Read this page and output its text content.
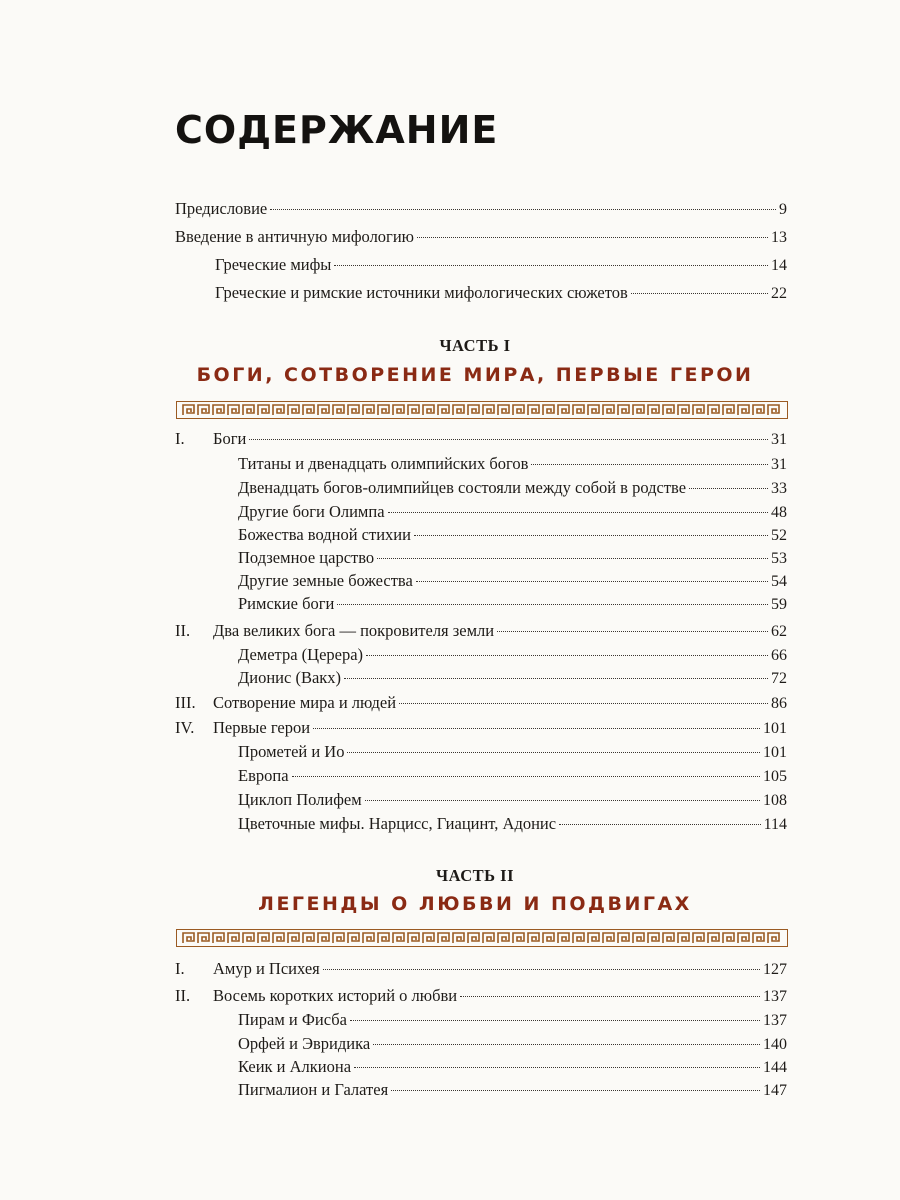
СОДЕРЖАНИЕ
Предисловие	9
Введение в античную мифологию	13
Греческие мифы	14
Греческие и римские источники мифологических сюжетов	22
ЧАСТЬ I
БОГИ, СОТВОРЕНИЕ МИРА, ПЕРВЫЕ ГЕРОИ
I.	Боги	31
Титаны и двенадцать олимпийских богов	31
Двенадцать богов-олимпийцев состояли между собой в родстве	33
Другие боги Олимпа	48
Божества водной стихии	52
Подземное царство	53
Другие земные божества	54
Римские боги	59
II.	Два великих бога — покровителя земли	62
Деметра (Церера)	66
Дионис (Вакх)	72
III.	Сотворение мира и людей	86
IV.	Первые герои	101
Прометей и Ио	101
Европа	105
Циклоп Полифем	108
Цветочные мифы. Нарцисс, Гиацинт, Адонис	114
ЧАСТЬ II
ЛЕГЕНДЫ О ЛЮБВИ И ПОДВИГАХ
I.	Амур и Психея	127
II.	Восемь коротких историй о любви	137
Пирам и Фисба	137
Орфей и Эвридика	140
Кеик и Алкиона	144
Пигмалион и Галатея	147
